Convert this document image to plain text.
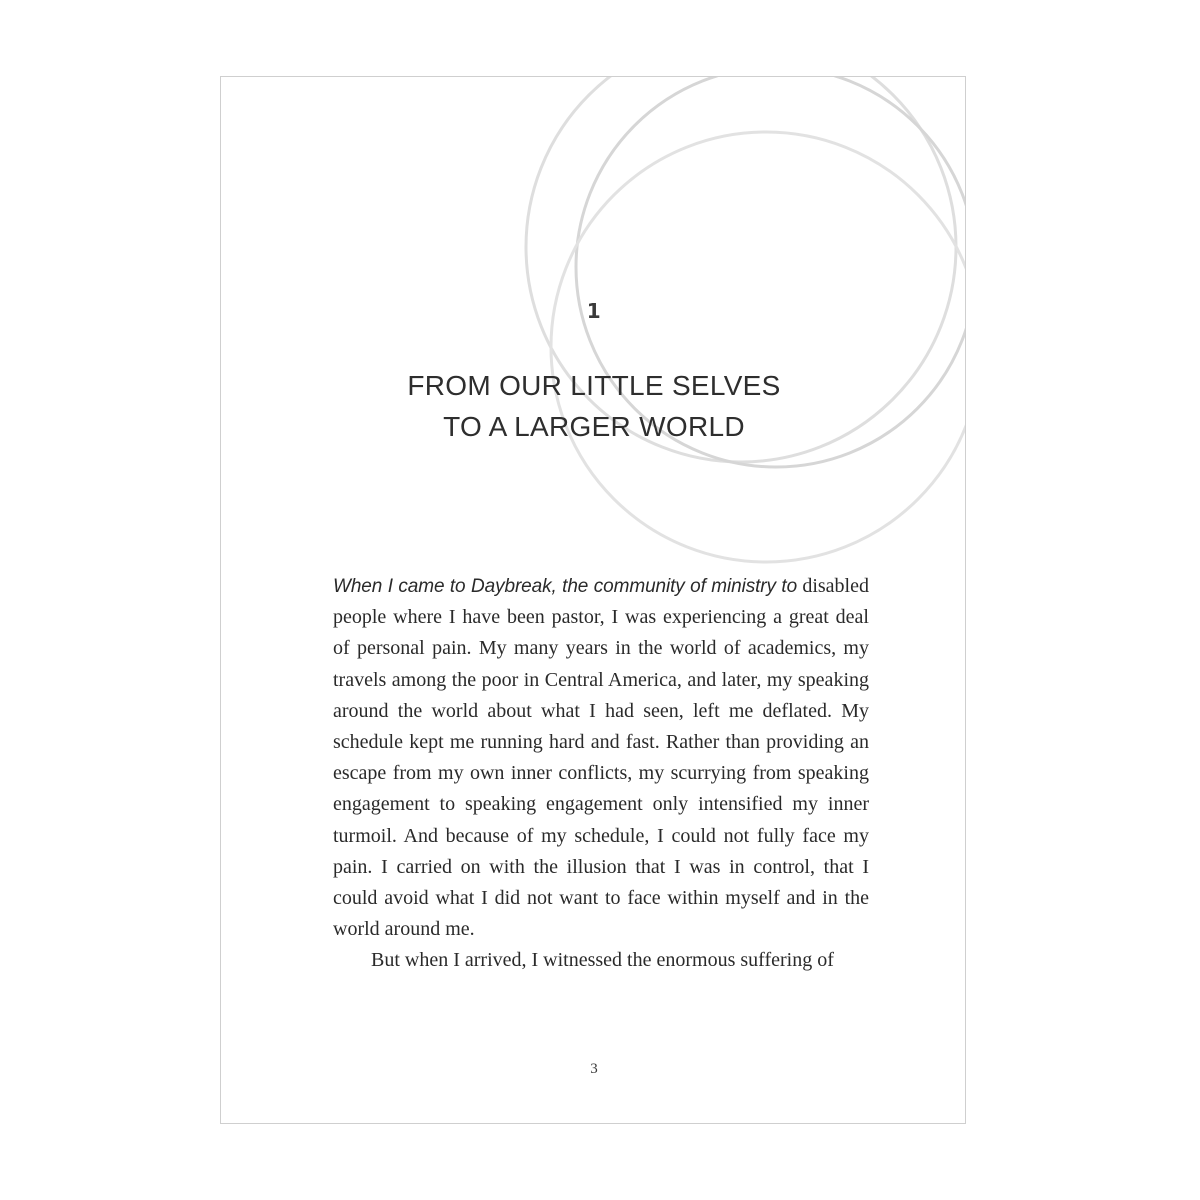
1
FROM OUR LITTLE SELVES
TO A LARGER WORLD

When I came to Daybreak, the community of ministry to disabled people where I have been pastor, I was experiencing a great deal of personal pain. My many years in the world of academics, my travels among the poor in Central America, and later, my speaking around the world about what I had seen, left me deflated. My schedule kept me running hard and fast. Rather than providing an escape from my own inner conflicts, my scurrying from speaking engagement to speaking engagement only intensified my inner turmoil. And because of my schedule, I could not fully face my pain. I carried on with the illusion that I was in control, that I could avoid what I did not want to face within myself and in the world around me.

But when I arrived, I witnessed the enormous suffering of

3
